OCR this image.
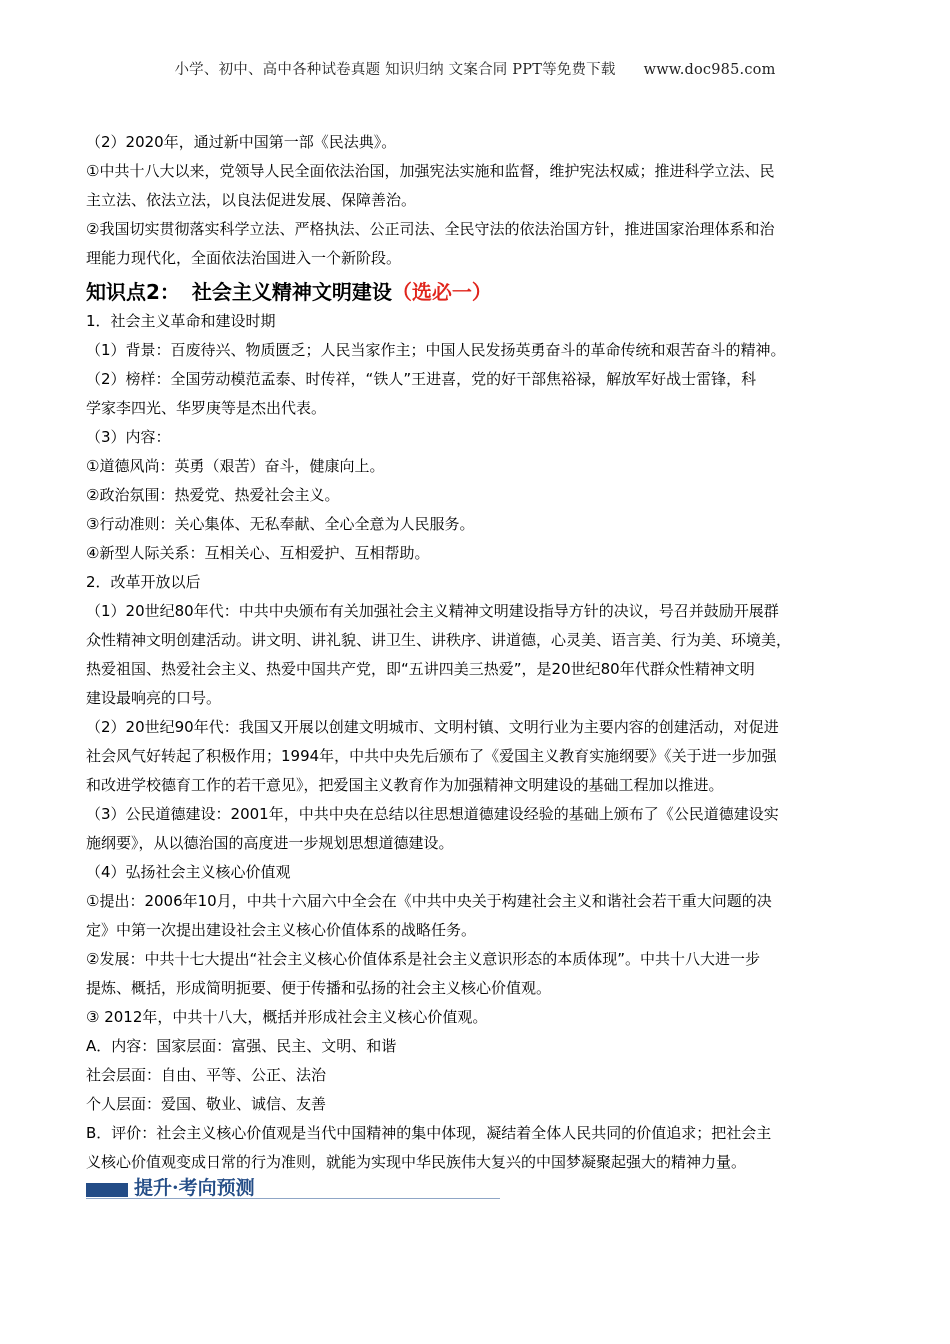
小学、初中、高中各种试卷真题 知识归纳 文案合同 PPT等免费下载 www.doc985.com
（2）2020年，通过新中国第一部《民法典》。
①中共十八大以来，党领导人民全面依法治国，加强宪法实施和监督，维护宪法权威；推进科学立法、民
主立法、依法立法，以良法促进发展、保障善治。
②我国切实贯彻落实科学立法、严格执法、公正司法、全民守法的依法治国方针，推进国家治理体系和治
理能力现代化，全面依法治国进入一个新阶段。
知识点2： 社会主义精神文明建设（选必一）
1．社会主义革命和建设时期
（1）背景：百废待兴、物质匮乏；人民当家作主；中国人民发扬英勇奋斗的革命传统和艰苦奋斗的精神。
（2）榜样：全国劳动模范孟泰、时传祥，“铁人”王进喜，党的好干部焦裕禄，解放军好战士雷锋，科
学家李四光、华罗庚等是杰出代表。
（3）内容：
①道德风尚：英勇（艰苦）奋斗，健康向上。
②政治氛围：热爱党、热爱社会主义。
③行动准则：关心集体、无私奉献、全心全意为人民服务。
④新型人际关系：互相关心、互相爱护、互相帮助。
2．改革开放以后
（1）20世纪80年代：中共中央颁布有关加强社会主义精神文明建设指导方针的决议，号召并鼓励开展群
众性精神文明创建活动。讲文明、讲礼貌、讲卫生、讲秩序、讲道德，心灵美、语言美、行为美、环境美，
热爱祖国、热爱社会主义、热爱中国共产党，即“五讲四美三热爱”，是20世纪80年代群众性精神文明
建设最响亮的口号。
（2）20世纪90年代：我国又开展以创建文明城市、文明村镇、文明行业为主要内容的创建活动，对促进
社会风气好转起了积极作用；1994年，中共中央先后颁布了《爱国主义教育实施纲要》《关于进一步加强
和改进学校德育工作的若干意见》，把爱国主义教育作为加强精神文明建设的基础工程加以推进。
（3）公民道德建设：2001年，中共中央在总结以往思想道德建设经验的基础上颁布了《公民道德建设实
施纲要》，从以德治国的高度进一步规划思想道德建设。
（4）弘扬社会主义核心价值观
①提出：2006年10月，中共十六届六中全会在《中共中央关于构建社会主义和谐社会若干重大问题的决
定》中第一次提出建设社会主义核心价值体系的战略任务。
②发展：中共十七大提出“社会主义核心价值体系是社会主义意识形态的本质体现”。中共十八大进一步
提炼、概括，形成简明扼要、便于传播和弘扬的社会主义核心价值观。
③ 2012年，中共十八大，概括并形成社会主义核心价值观。
A．内容：国家层面：富强、民主、文明、和谐
社会层面：自由、平等、公正、法治
个人层面：爱国、敬业、诚信、友善
B．评价：社会主义核心价值观是当代中国精神的集中体现，凝结着全体人民共同的价值追求；把社会主
义核心价值观变成日常的行为准则，就能为实现中华民族伟大复兴的中国梦凝聚起强大的精神力量。
提升·考向预测
